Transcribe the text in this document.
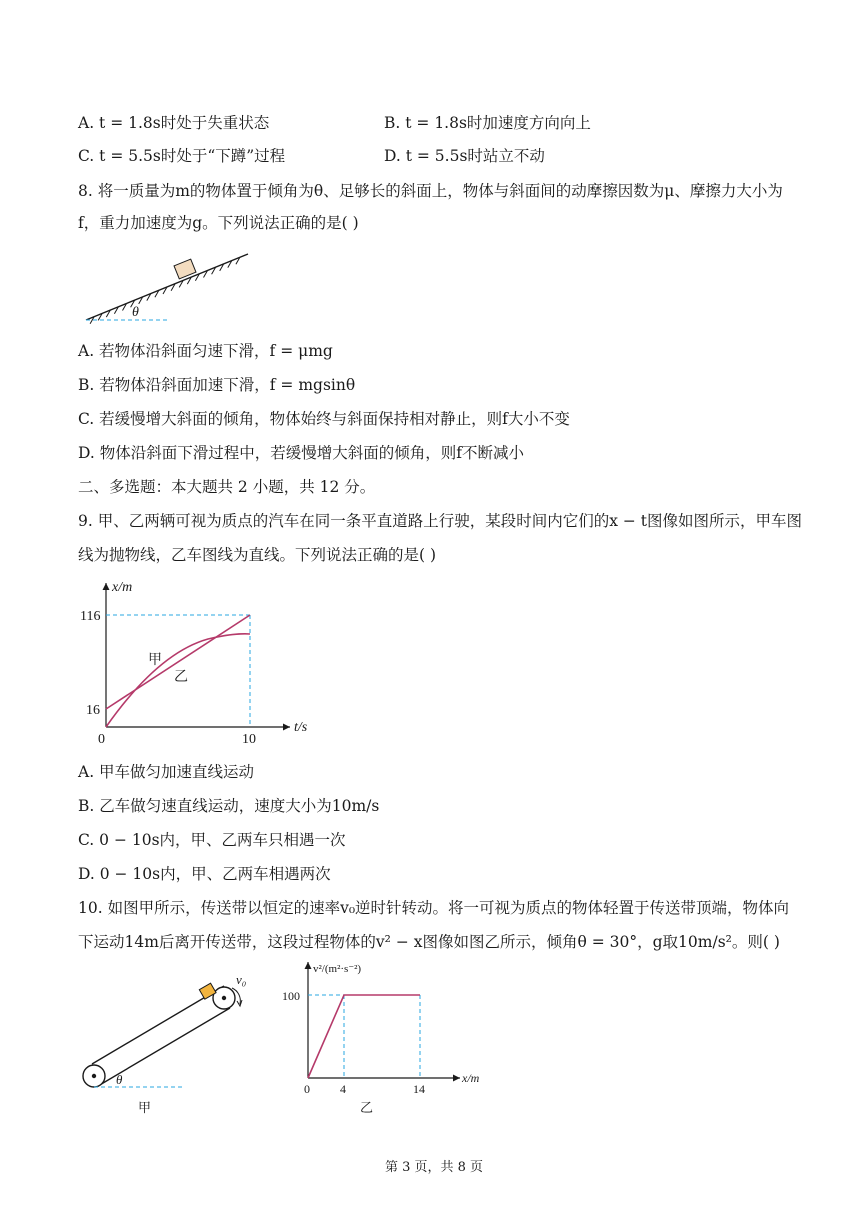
A. t = 1.8s时处于失重状态	B. t = 1.8s时加速度方向向上
C. t = 5.5s时处于“下蹲”过程	D. t = 5.5s时站立不动
8. 将一质量为m的物体置于倾角为θ、足够长的斜面上，物体与斜面间的动摩擦因数为μ、摩擦力大小为
f，重力加速度为g。下列说法正确的是( )
θ
A. 若物体沿斜面匀速下滑，f = μmg
B. 若物体沿斜面加速下滑，f = mgsinθ
C. 若缓慢增大斜面的倾角，物体始终与斜面保持相对静止，则f大小不变
D. 物体沿斜面下滑过程中，若缓慢增大斜面的倾角，则f不断减小
二、多选题：本大题共 2 小题，共 12 分。
9. 甲、乙两辆可视为质点的汽车在同一条平直道路上行驶，某段时间内它们的x − t图像如图所示，甲车图
线为抛物线，乙车图线为直线。下列说法正确的是( )
x/m
t/s
116
16
0	10
甲
乙
A. 甲车做匀加速直线运动
B. 乙车做匀速直线运动，速度大小为10m/s
C. 0 − 10s内，甲、乙两车只相遇一次
D. 0 − 10s内，甲、乙两车相遇两次
10. 如图甲所示，传送带以恒定的速率v₀逆时针转动。将一可视为质点的物体轻置于传送带顶端，物体向
下运动14m后离开传送带，这段过程物体的v² − x图像如图乙所示，倾角θ = 30°，g取10m/s²。则( )
θ
v₀
甲
v²/(m²·s⁻²)
x/m
100
0	4	14
乙
第 3 页，共 8 页
